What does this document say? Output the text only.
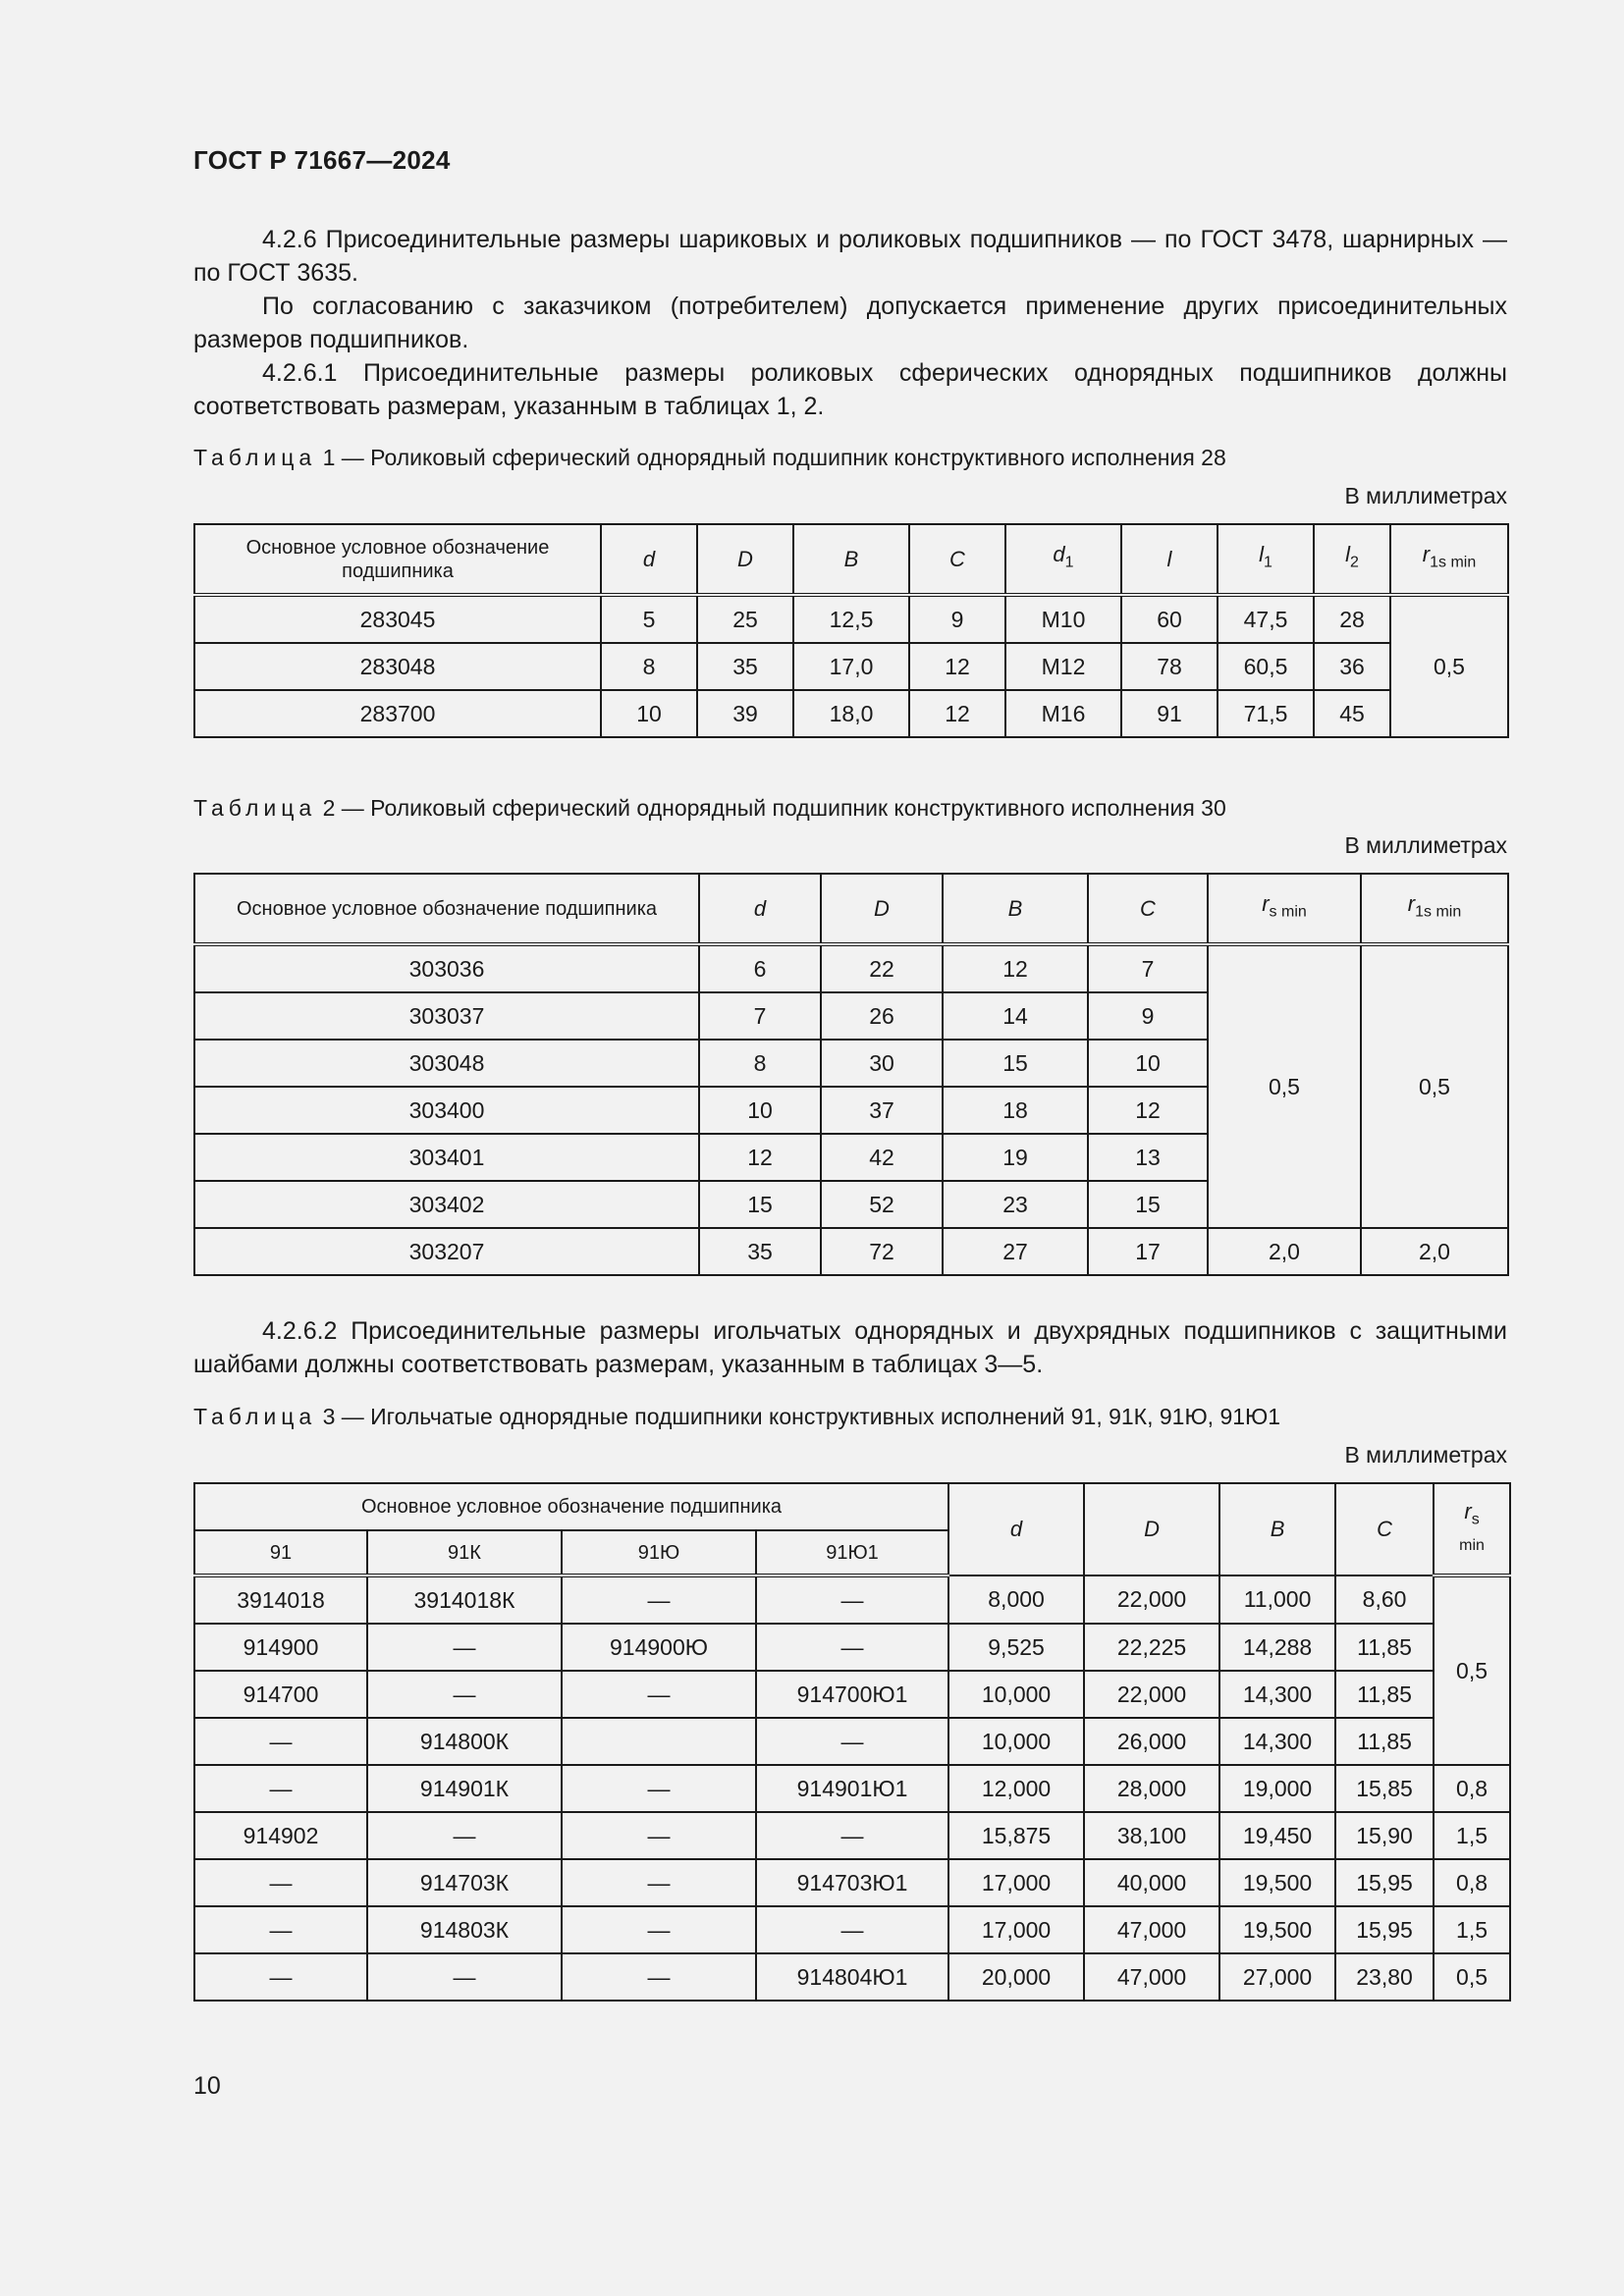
ГОСТ Р 71667—2024
4.2.6 Присоединительные размеры шариковых и роликовых подшипников — по ГОСТ 3478, шарнирных — по ГОСТ 3635.
По согласованию с заказчиком (потребителем) допускается применение других присоединительных размеров подшипников.
4.2.6.1 Присоединительные размеры роликовых сферических однорядных подшипников должны соответствовать размерам, указанным в таблицах 1, 2.
Таблица 1 — Роликовый сферический однорядный подшипник конструктивного исполнения 28
В миллиметрах
Основное условное обозначение подшипника	d	D	B	C	$d_1$	l	$l_1$	$l_2$	$r_{1s min}$
283045	5	25	12,5	9	M10	60	47,5	28	0,5
283048	8	35	17,0	12	M12	78	60,5	36	
283700	10	39	18,0	12	M16	91	71,5	45	
Таблица 2 — Роликовый сферический однорядный подшипник конструктивного исполнения 30
В миллиметрах
Основное условное обозначение подшипника	d	D	B	C	$r_{s min}$	$r_{1s min}$
303036	6	22	12	7	0,5	0,5
303037	7	26	14	9		
303048	8	30	15	10		
303400	10	37	18	12		
303401	12	42	19	13		
303402	15	52	23	15		
303207	35	72	27	17	2,0	2,0
4.2.6.2 Присоединительные размеры игольчатых однорядных и двухрядных подшипников с защитными шайбами должны соответствовать размерам, указанным в таблицах 3—5.
Таблица 3 — Игольчатые однорядные подшипники конструктивных исполнений 91, 91К, 91Ю, 91Ю1
В миллиметрах
Основное условное обозначение подшипника				d	D	B	C	$r_s$
min
91	91К	91Ю	91Ю1					
3914018	3914018К	—	—	8,000	22,000	11,000	8,60	0,5
914900	—	914900Ю	—	9,525	22,225	14,288	11,85	
914700	—	—	914700Ю1	10,000	22,000	14,300	11,85	
—	914800К		—	10,000	26,000	14,300	11,85	
—	914901К	—	914901Ю1	12,000	28,000	19,000	15,85	0,8
914902	—	—	—	15,875	38,100	19,450	15,90	1,5
—	914703К	—	914703Ю1	17,000	40,000	19,500	15,95	0,8
—	914803К	—	—	17,000	47,000	19,500	15,95	1,5
—	—	—	914804Ю1	20,000	47,000	27,000	23,80	0,5
10
